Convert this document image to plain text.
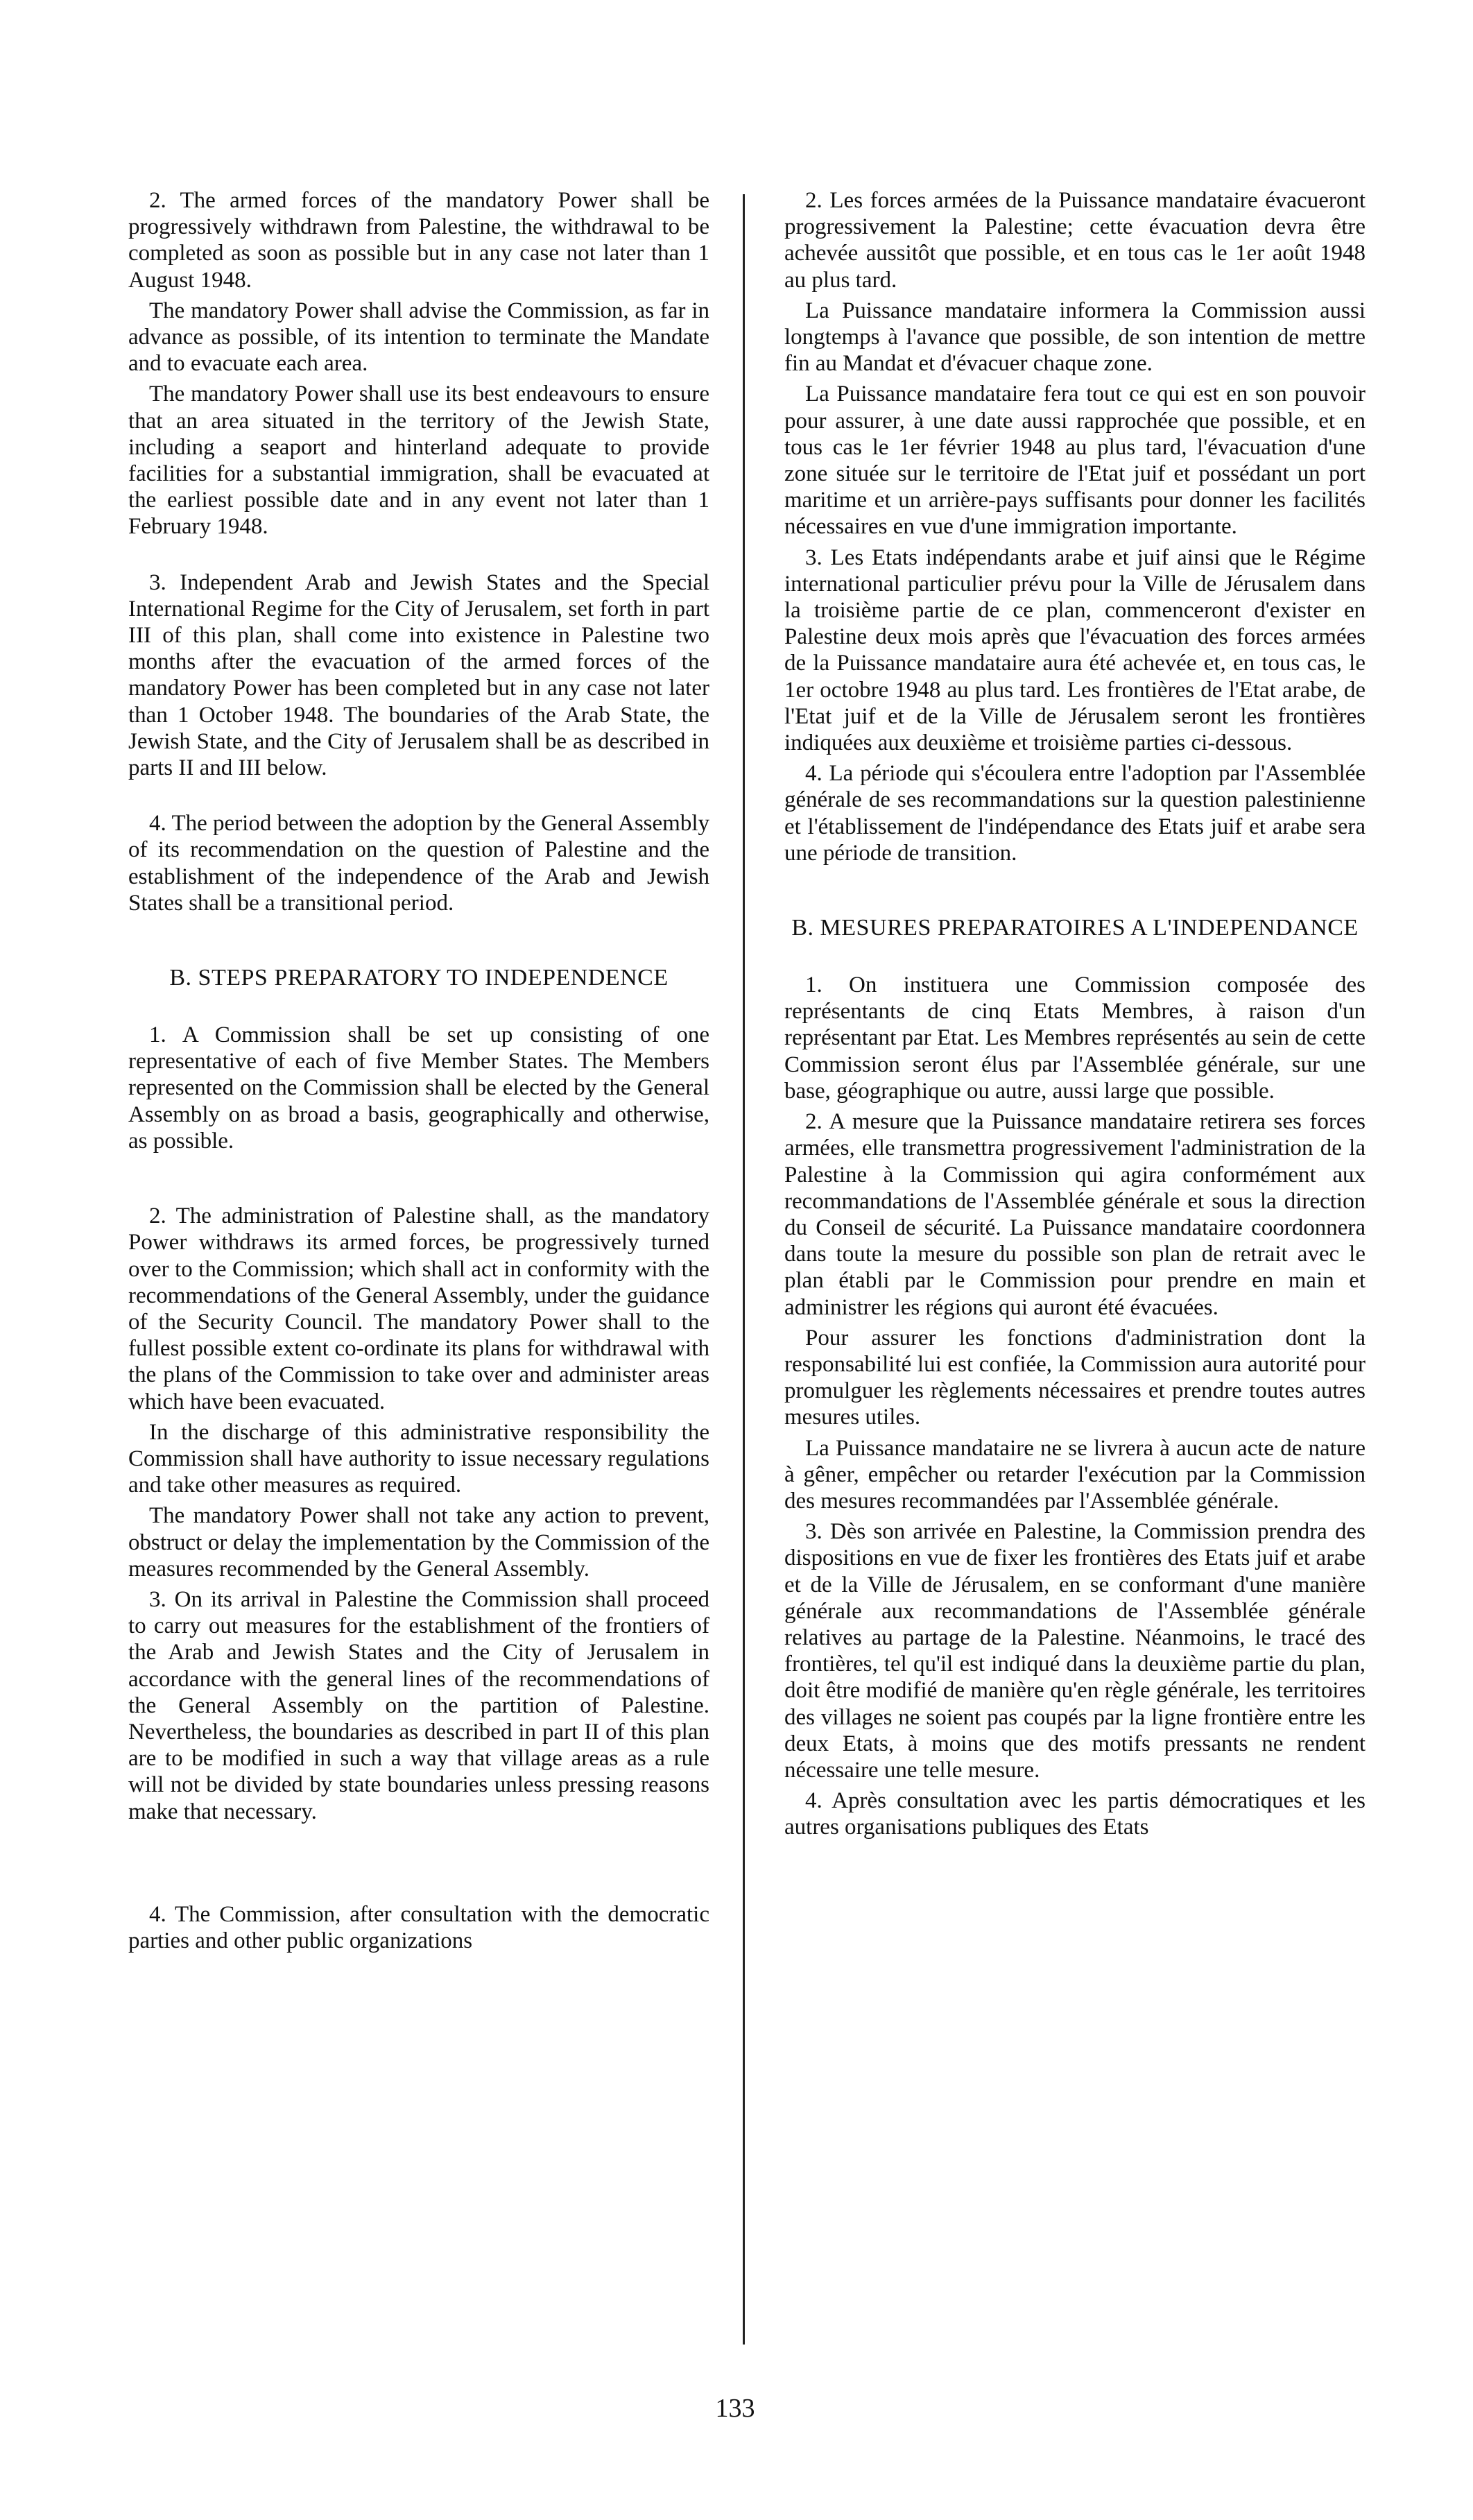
2. The armed forces of the mandatory Power shall be progressively withdrawn from Palestine, the withdrawal to be completed as soon as possible but in any case not later than 1 August 1948.

The mandatory Power shall advise the Commission, as far in advance as possible, of its intention to terminate the Mandate and to evacuate each area.

The mandatory Power shall use its best endeavours to ensure that an area situated in the territory of the Jewish State, including a seaport and hinterland adequate to provide facilities for a substantial immigration, shall be evacuated at the earliest possible date and in any event not later than 1 February 1948.

3. Independent Arab and Jewish States and the Special International Regime for the City of Jerusalem, set forth in part III of this plan, shall come into existence in Palestine two months after the evacuation of the armed forces of the mandatory Power has been completed but in any case not later than 1 October 1948. The boundaries of the Arab State, the Jewish State, and the City of Jerusalem shall be as described in parts II and III below.

4. The period between the adoption by the General Assembly of its recommendation on the question of Palestine and the establishment of the independence of the Arab and Jewish States shall be a transitional period.

B. STEPS PREPARATORY TO INDEPENDENCE

1. A Commission shall be set up consisting of one representative of each of five Member States. The Members represented on the Commission shall be elected by the General Assembly on as broad a basis, geographically and otherwise, as possible.

2. The administration of Palestine shall, as the mandatory Power withdraws its armed forces, be progressively turned over to the Commission; which shall act in conformity with the recommendations of the General Assembly, under the guidance of the Security Council. The mandatory Power shall to the fullest possible extent co-ordinate its plans for withdrawal with the plans of the Commission to take over and administer areas which have been evacuated.

In the discharge of this administrative responsibility the Commission shall have authority to issue necessary regulations and take other measures as required.

The mandatory Power shall not take any action to prevent, obstruct or delay the implementation by the Commission of the measures recommended by the General Assembly.

3. On its arrival in Palestine the Commission shall proceed to carry out measures for the establishment of the frontiers of the Arab and Jewish States and the City of Jerusalem in accordance with the general lines of the recommendations of the General Assembly on the partition of Palestine. Nevertheless, the boundaries as described in part II of this plan are to be modified in such a way that village areas as a rule will not be divided by state boundaries unless pressing reasons make that necessary.

4. The Commission, after consultation with the democratic parties and other public organizations

2. Les forces armées de la Puissance mandataire évacueront progressivement la Palestine; cette évacuation devra être achevée aussitôt que possible, et en tous cas le 1er août 1948 au plus tard.

La Puissance mandataire informera la Commission aussi longtemps à l'avance que possible, de son intention de mettre fin au Mandat et d'évacuer chaque zone.

La Puissance mandataire fera tout ce qui est en son pouvoir pour assurer, à une date aussi rapprochée que possible, et en tous cas le 1er février 1948 au plus tard, l'évacuation d'une zone située sur le territoire de l'Etat juif et possédant un port maritime et un arrière-pays suffisants pour donner les facilités nécessaires en vue d'une immigration importante.

3. Les Etats indépendants arabe et juif ainsi que le Régime international particulier prévu pour la Ville de Jérusalem dans la troisième partie de ce plan, commenceront d'exister en Palestine deux mois après que l'évacuation des forces armées de la Puissance mandataire aura été achevée et, en tous cas, le 1er octobre 1948 au plus tard. Les frontières de l'Etat arabe, de l'Etat juif et de la Ville de Jérusalem seront les frontières indiquées aux deuxième et troisième parties ci-dessous.

4. La période qui s'écoulera entre l'adoption par l'Assemblée générale de ses recommandations sur la question palestinienne et l'établissement de l'indépendance des Etats juif et arabe sera une période de transition.

B. MESURES PREPARATOIRES A L'INDEPENDANCE

1. On instituera une Commission composée des représentants de cinq Etats Membres, à raison d'un représentant par Etat. Les Membres représentés au sein de cette Commission seront élus par l'Assemblée générale, sur une base, géographique ou autre, aussi large que possible.

2. A mesure que la Puissance mandataire retirera ses forces armées, elle transmettra progressivement l'administration de la Palestine à la Commission qui agira conformément aux recommandations de l'Assemblée générale et sous la direction du Conseil de sécurité. La Puissance mandataire coordonnera dans toute la mesure du possible son plan de retrait avec le plan établi par le Commission pour prendre en main et administrer les régions qui auront été évacuées.

Pour assurer les fonctions d'administration dont la responsabilité lui est confiée, la Commission aura autorité pour promulguer les règlements nécessaires et prendre toutes autres mesures utiles.

La Puissance mandataire ne se livrera à aucun acte de nature à gêner, empêcher ou retarder l'exécution par la Commission des mesures recommandées par l'Assemblée générale.

3. Dès son arrivée en Palestine, la Commission prendra des dispositions en vue de fixer les frontières des Etats juif et arabe et de la Ville de Jérusalem, en se conformant d'une manière générale aux recommandations de l'Assemblée générale relatives au partage de la Palestine. Néanmoins, le tracé des frontières, tel qu'il est indiqué dans la deuxième partie du plan, doit être modifié de manière qu'en règle générale, les territoires des villages ne soient pas coupés par la ligne frontière entre les deux Etats, à moins que des motifs pressants ne rendent nécessaire une telle mesure.

4. Après consultation avec les partis démocratiques et les autres organisations publiques des Etats

133
